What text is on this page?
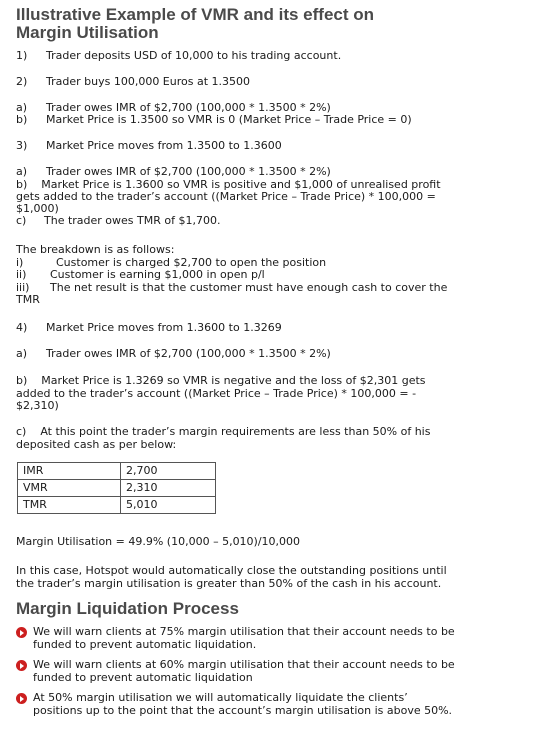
Illustrative Example of VMR and its effect on
Margin Utilisation
1) Trader deposits USD of 10,000 to his trading account.
2) Trader buys 100,000 Euros at 1.3500
a) Trader owes IMR of $2,700 (100,000 * 1.3500 * 2%)
b) Market Price is 1.3500 so VMR is 0 (Market Price – Trade Price = 0)
3) Market Price moves from 1.3500 to 1.3600
a) Trader owes IMR of $2,700 (100,000 * 1.3500 * 2%)
b)    Market Price is 1.3600 so VMR is positive and $1,000 of unrealised profit
gets added to the trader’s account ((Market Price – Trade Price) * 100,000 =
$1,000)
c) The trader owes TMR of $1,700.
The breakdown is as follows:
i)	Customer is charged $2,700 to open the position
ii) Customer is earning $1,000 in open p/l
iii) The net result is that the customer must have enough cash to cover the
TMR
4) Market Price moves from 1.3600 to 1.3269
a) Trader owes IMR of $2,700 (100,000 * 1.3500 * 2%)
b)    Market Price is 1.3269 so VMR is negative and the loss of $2,301 gets
added to the trader’s account ((Market Price – Trade Price) * 100,000 = -
$2,310)
c)    At this point the trader’s margin requirements are less than 50% of his
deposited cash as per below:
IMR	2,700
VMR	2,310
TMR	5,010
Margin Utilisation = 49.9% (10,000 – 5,010)/10,000
In this case, Hotspot would automatically close the outstanding positions until
the trader’s margin utilisation is greater than 50% of the cash in his account.
Margin Liquidation Process
We will warn clients at 75% margin utilisation that their account needs to be
funded to prevent automatic liquidation.
We will warn clients at 60% margin utilisation that their account needs to be
funded to prevent automatic liquidation
At 50% margin utilisation we will automatically liquidate the clients’
positions up to the point that the account’s margin utilisation is above 50%.
